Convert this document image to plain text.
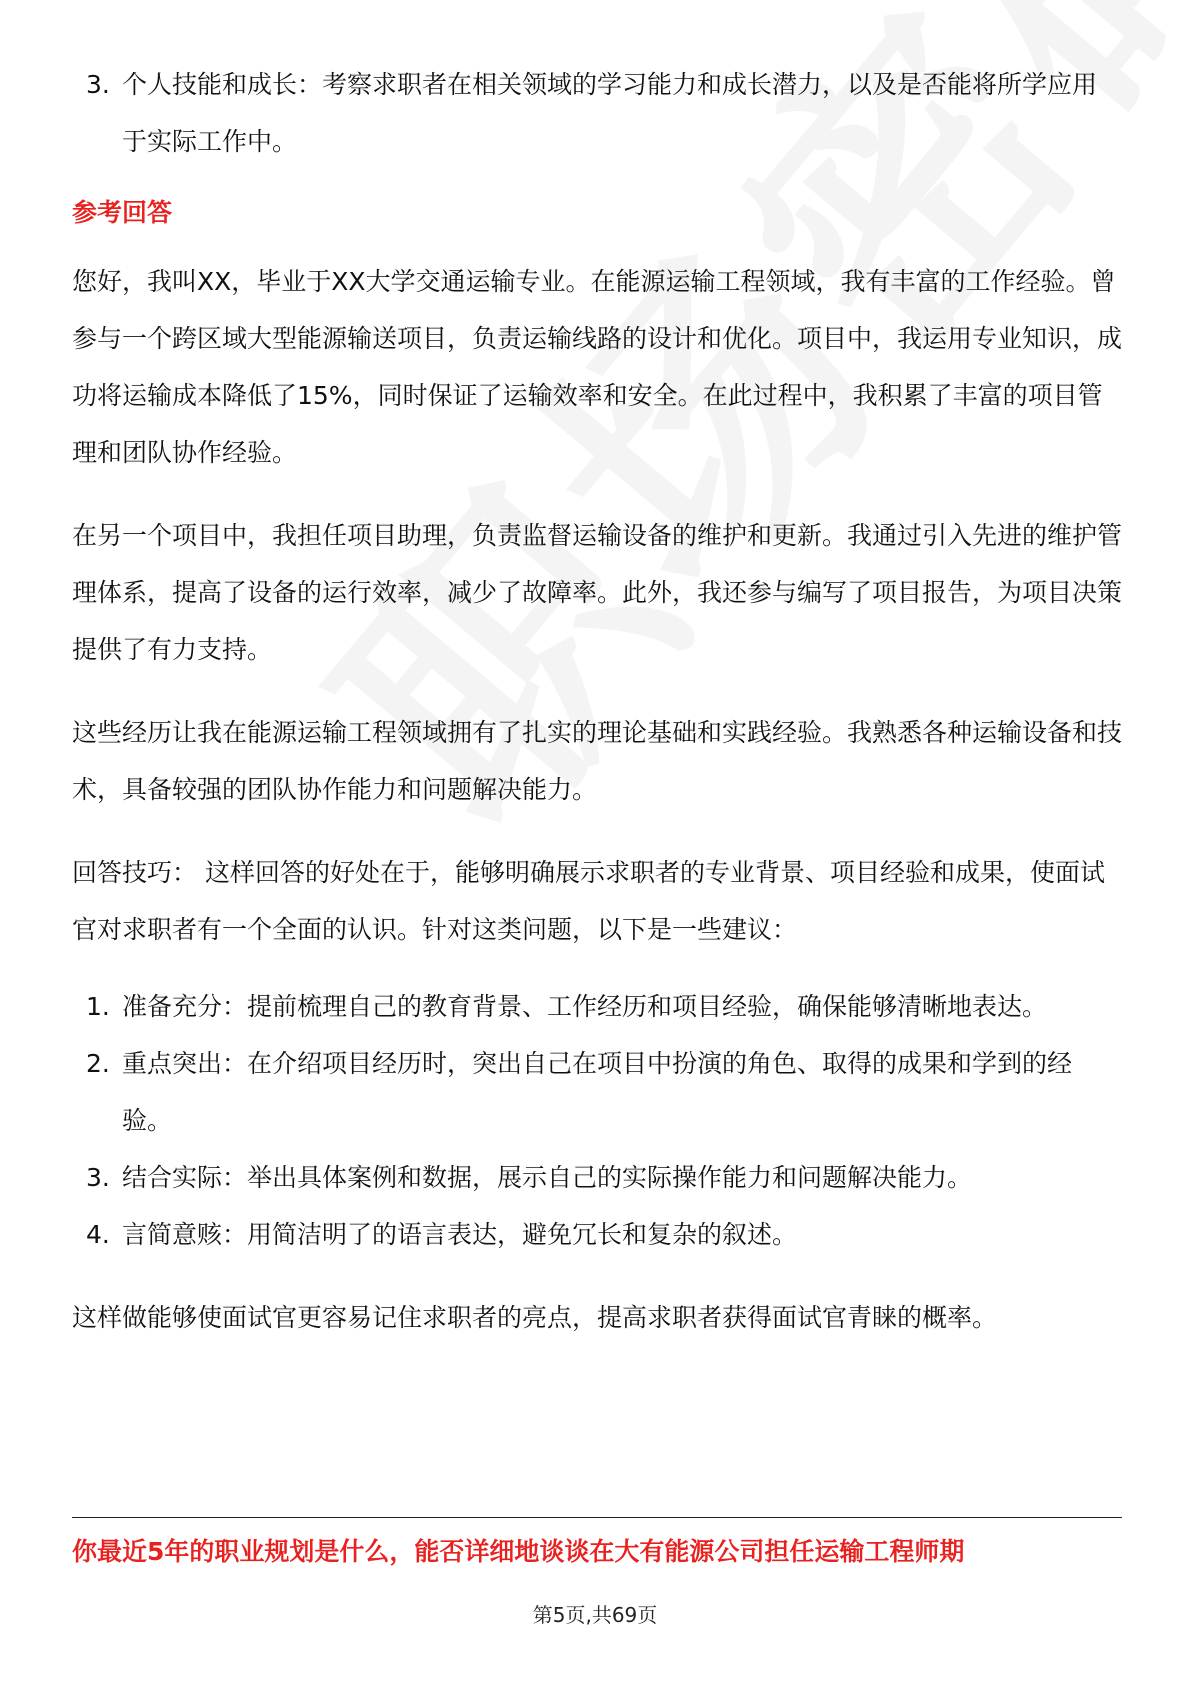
3. 个人技能和成长：考察求职者在相关领域的学习能力和成长潜力，以及是否能将所学应用于实际工作中。
参考回答
您好，我叫XX，毕业于XX大学交通运输专业。在能源运输工程领域，我有丰富的工作经验。曾参与一个跨区域大型能源输送项目，负责运输线路的设计和优化。项目中，我运用专业知识，成功将运输成本降低了15%，同时保证了运输效率和安全。在此过程中，我积累了丰富的项目管理和团队协作经验。
在另一个项目中，我担任项目助理，负责监督运输设备的维护和更新。我通过引入先进的维护管理体系，提高了设备的运行效率，减少了故障率。此外，我还参与编写了项目报告，为项目决策提供了有力支持。
这些经历让我在能源运输工程领域拥有了扎实的理论基础和实践经验。我熟悉各种运输设备和技术，具备较强的团队协作能力和问题解决能力。
回答技巧： 这样回答的好处在于，能够明确展示求职者的专业背景、项目经验和成果，使面试官对求职者有一个全面的认识。针对这类问题，以下是一些建议：
1. 准备充分：提前梳理自己的教育背景、工作经历和项目经验，确保能够清晰地表达。
2. 重点突出：在介绍项目经历时，突出自己在项目中扮演的角色、取得的成果和学到的经验。
3. 结合实际：举出具体案例和数据，展示自己的实际操作能力和问题解决能力。
4. 言简意赅：用简洁明了的语言表达，避免冗长和复杂的叙述。
这样做能够使面试官更容易记住求职者的亮点，提高求职者获得面试官青睐的概率。
你最近5年的职业规划是什么，能否详细地谈谈在大有能源公司担任运输工程师期
第5页,共69页
